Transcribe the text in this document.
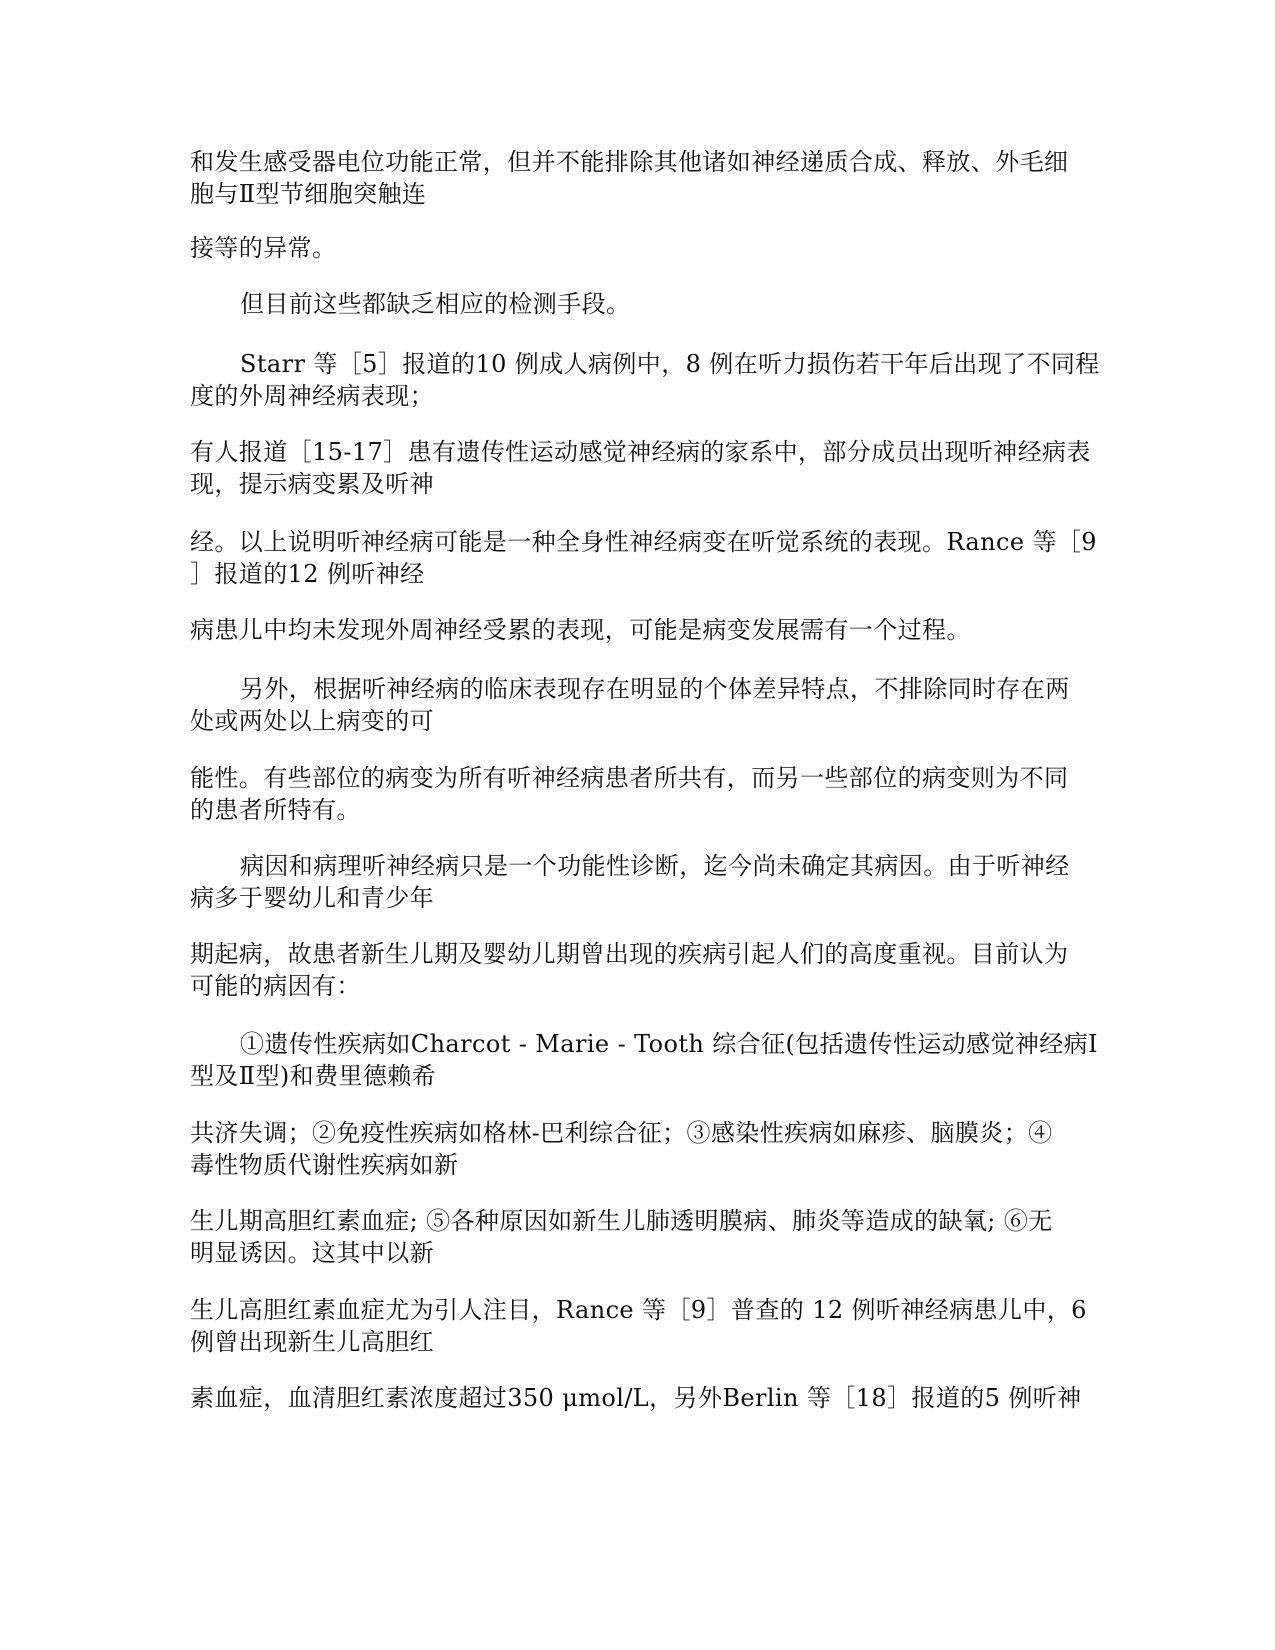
和发生感受器电位功能正常，但并不能排除其他诸如神经递质合成、释放、外毛细
胞与Ⅱ型节细胞突触连

接等的异常。

但目前这些都缺乏相应的检测手段。

Starr 等［5］报道的10 例成人病例中，8 例在听力损伤若干年后出现了不同程
度的外周神经病表现；

有人报道［15-17］患有遗传性运动感觉神经病的家系中，部分成员出现听神经病表
现，提示病变累及听神

经。以上说明听神经病可能是一种全身性神经病变在听觉系统的表现。Rance 等［9
］报道的12 例听神经

病患儿中均未发现外周神经受累的表现，可能是病变发展需有一个过程。

另外，根据听神经病的临床表现存在明显的个体差异特点，不排除同时存在两
处或两处以上病变的可

能性。有些部位的病变为所有听神经病患者所共有，而另一些部位的病变则为不同
的患者所特有。

病因和病理听神经病只是一个功能性诊断，迄今尚未确定其病因。由于听神经
病多于婴幼儿和青少年

期起病，故患者新生儿期及婴幼儿期曾出现的疾病引起人们的高度重视。目前认为
可能的病因有：

①遗传性疾病如Charcot - Marie - Tooth 综合征(包括遗传性运动感觉神经病Ⅰ
型及Ⅱ型)和费里德赖希

共济失调；②免疫性疾病如格林-巴利综合征；③感染性疾病如麻疹、脑膜炎；④
毒性物质代谢性疾病如新

生儿期高胆红素血症; ⑤各种原因如新生儿肺透明膜病、肺炎等造成的缺氧; ⑥无
明显诱因。这其中以新

生儿高胆红素血症尤为引人注目，Rance 等［9］普查的 12 例听神经病患儿中，6
例曾出现新生儿高胆红

素血症，血清胆红素浓度超过350 μmol/L，另外Berlin 等［18］报道的5 例听神
